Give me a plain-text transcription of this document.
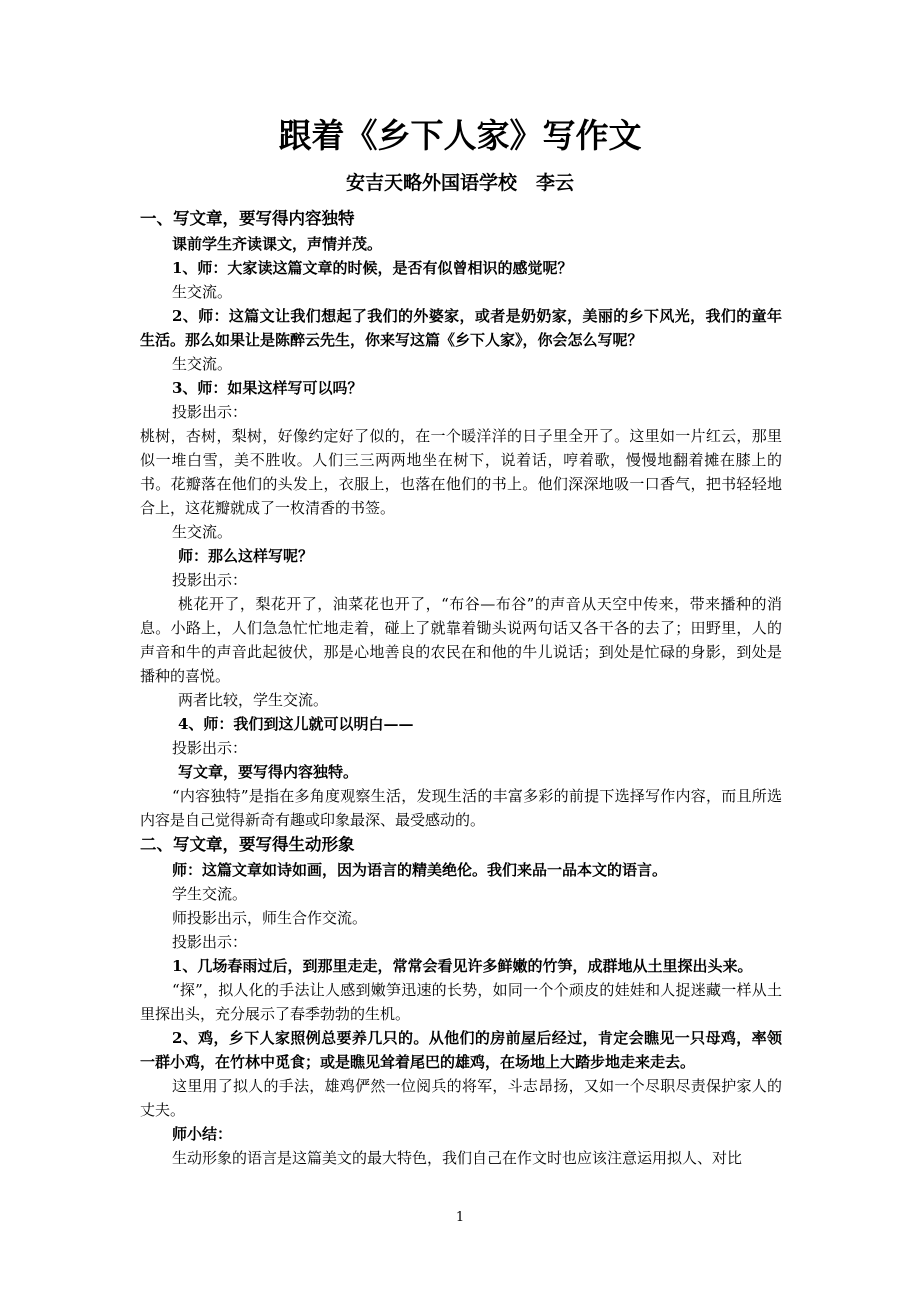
跟着《乡下人家》写作文
安吉天略外国语学校　李云

一、写文章，要写得内容独特

课前学生齐读课文，声情并茂。

1、师：大家读这篇文章的时候，是否有似曾相识的感觉呢？

生交流。

2、师：这篇文让我们想起了我们的外婆家，或者是奶奶家，美丽的乡下风光，我们的童年生活。那么如果让是陈醉云先生，你来写这篇《乡下人家》，你会怎么写呢？

生交流。

3、师：如果这样写可以吗？

投影出示：

桃树，杏树，梨树，好像约定好了似的，在一个暖洋洋的日子里全开了。这里如一片红云，那里似一堆白雪，美不胜收。人们三三两两地坐在树下，说着话，哼着歌，慢慢地翻着摊在膝上的书。花瓣落在他们的头发上，衣服上，也落在他们的书上。他们深深地吸一口香气，把书轻轻地合上，这花瓣就成了一枚清香的书签。

生交流。

师：那么这样写呢？

投影出示：

桃花开了，梨花开了，油菜花也开了，“布谷—布谷”的声音从天空中传来，带来播种的消息。小路上，人们急急忙忙地走着，碰上了就靠着锄头说两句话又各干各的去了；田野里，人的声音和牛的声音此起彼伏，那是心地善良的农民在和他的牛儿说话；到处是忙碌的身影，到处是播种的喜悦。

两者比较，学生交流。

4、师：我们到这儿就可以明白——

投影出示：

写文章，要写得内容独特。

“内容独特”是指在多角度观察生活，发现生活的丰富多彩的前提下选择写作内容，而且所选内容是自己觉得新奇有趣或印象最深、最受感动的。

二、写文章，要写得生动形象

师：这篇文章如诗如画，因为语言的精美绝伦。我们来品一品本文的语言。

学生交流。

师投影出示，师生合作交流。

投影出示：

1、几场春雨过后，到那里走走，常常会看见许多鲜嫩的竹笋，成群地从土里探出头来。

“探”，拟人化的手法让人感到嫩笋迅速的长势，如同一个个顽皮的娃娃和人捉迷藏一样从土里探出头，充分展示了春季勃勃的生机。

2、鸡，乡下人家照例总要养几只的。从他们的房前屋后经过，肯定会瞧见一只母鸡，率领一群小鸡，在竹林中觅食；或是瞧见耸着尾巴的雄鸡，在场地上大踏步地走来走去。

这里用了拟人的手法，雄鸡俨然一位阅兵的将军，斗志昂扬，又如一个尽职尽责保护家人的丈夫。

师小结：

生动形象的语言是这篇美文的最大特色，我们自己在作文时也应该注意运用拟人、对比

1
